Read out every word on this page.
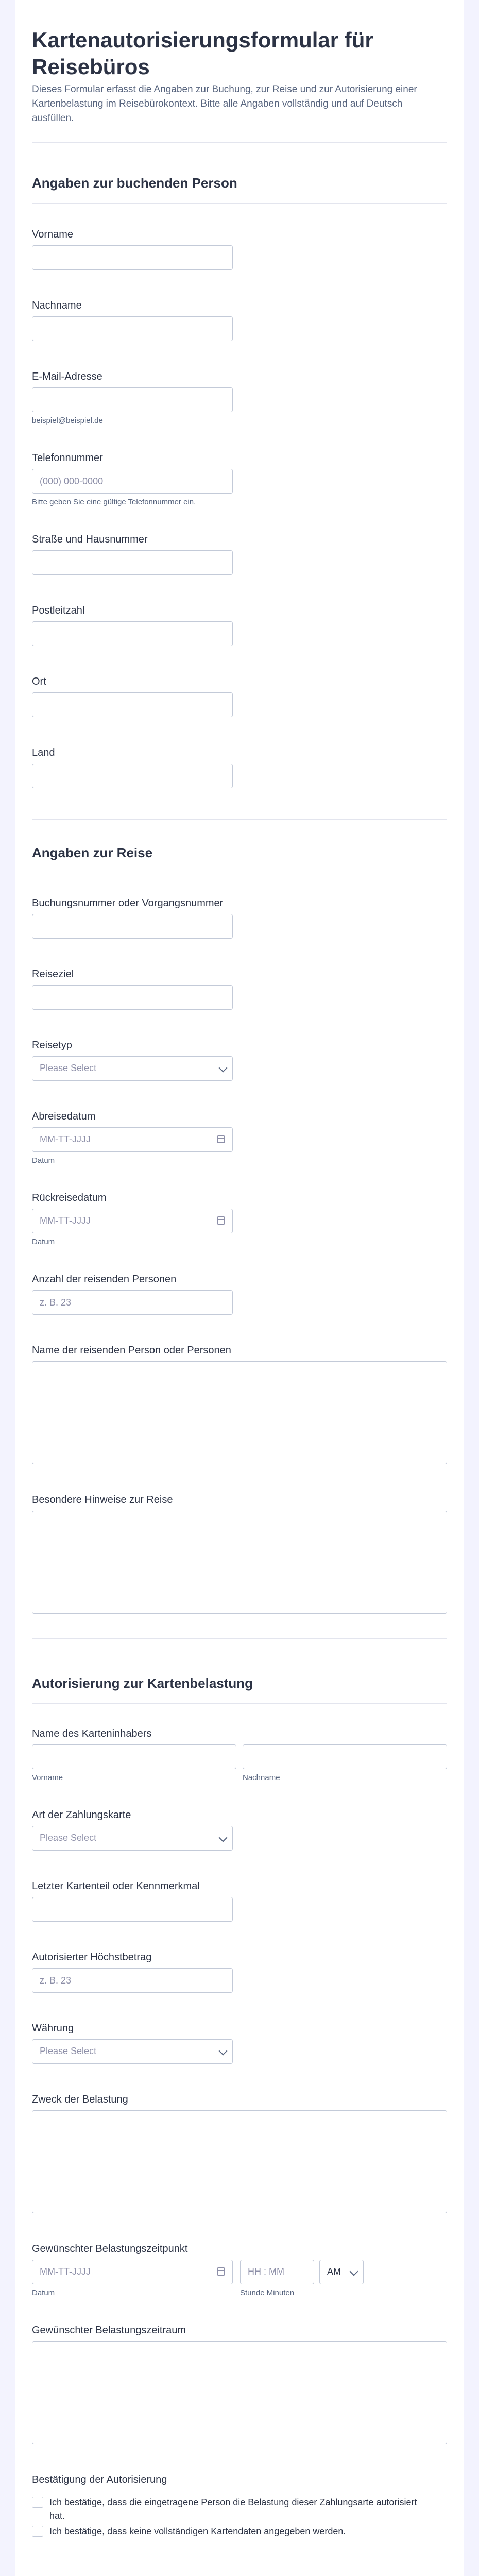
Kartenautorisierungsformular für Reisebüros

Dieses Formular erfasst die Angaben zur Buchung, zur Reise und zur Autorisierung einer Kartenbelastung im Reisebürokontext. Bitte alle Angaben vollständig und auf Deutsch ausfüllen.

Angaben zur buchenden Person
Vorname
Nachname
E-Mail-Adresse
beispiel@beispiel.de
Telefonnummer
(000) 000-0000
Bitte geben Sie eine gültige Telefonnummer ein.
Straße und Hausnummer
Postleitzahl
Ort
Land
Angaben zur Reise
Buchungsnummer oder Vorgangsnummer
Reiseziel
Reisetyp
Please Select
Abreisedatum
MM-TT-JJJJ
Datum
Rückreisedatum
MM-TT-JJJJ
Datum
Anzahl der reisenden Personen
z. B. 23
Name der reisenden Person oder Personen
Besondere Hinweise zur Reise
Autorisierung zur Kartenbelastung
Name des Karteninhabers
Vorname	Nachname
Art der Zahlungskarte
Please Select
Letzter Kartenteil oder Kennmerkmal
Autorisierter Höchstbetrag
z. B. 23
Währung
Please Select
Zweck der Belastung
Gewünschter Belastungszeitpunkt
MM-TT-JJJJ	HH : MM	AM
Datum	Stunde Minuten
Gewünschter Belastungszeitraum
Bestätigung der Autorisierung
Ich bestätige, dass die eingetragene Person die Belastung dieser Zahlungsarte autorisiert hat.
Ich bestätige, dass keine vollständigen Kartendaten angegeben werden.
